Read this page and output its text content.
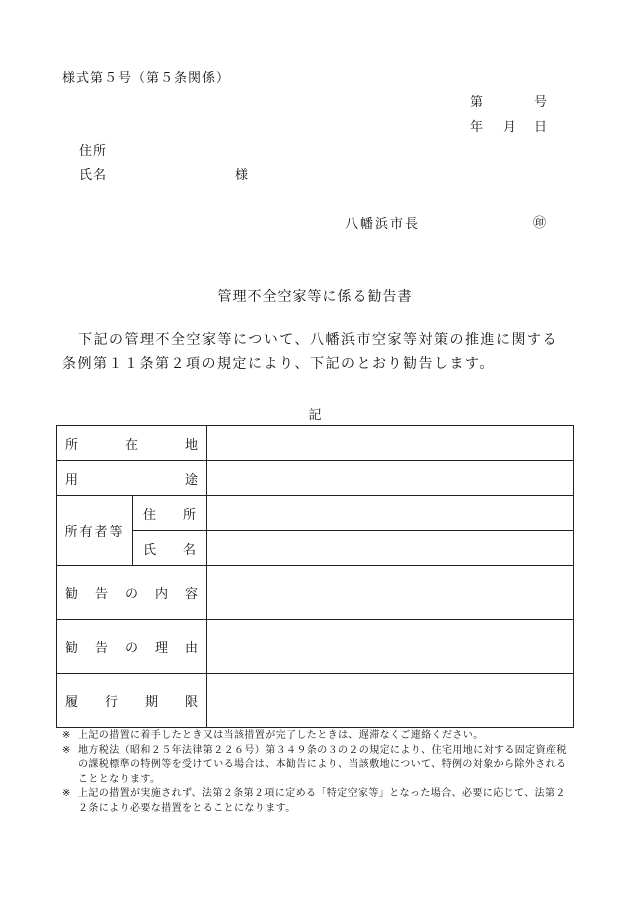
様式第５号（第５条関係）
第	号
年 月 日
住所
氏名	様
八幡浜市長	㊞
管理不全空家等に係る勧告書
下記の管理不全空家等について、八幡浜市空家等対策の推進に関する
条例第１１条第２項の規定により、下記のとおり勧告します。
記
所 在 地		

用 途		

所有者等	住 所	

	氏 名	

勧 告 の 内 容		

勧 告 の 理 由		

履 行 期 限		

※ 上記の措置に着手したとき又は当該措置が完了したときは、遅滞なくご連絡ください。
※ 地方税法（昭和２５年法律第２２６号）第３４９条の３の２の規定により、住宅用地に対する固定資産税の課税標準の特例等を受けている場合は、本勧告により、当該敷地について、特例の対象から除外されることとなります。
※ 上記の措置が実施されず、法第２条第２項に定める「特定空家等」となった場合、必要に応じて、法第２２条により必要な措置をとることになります。
